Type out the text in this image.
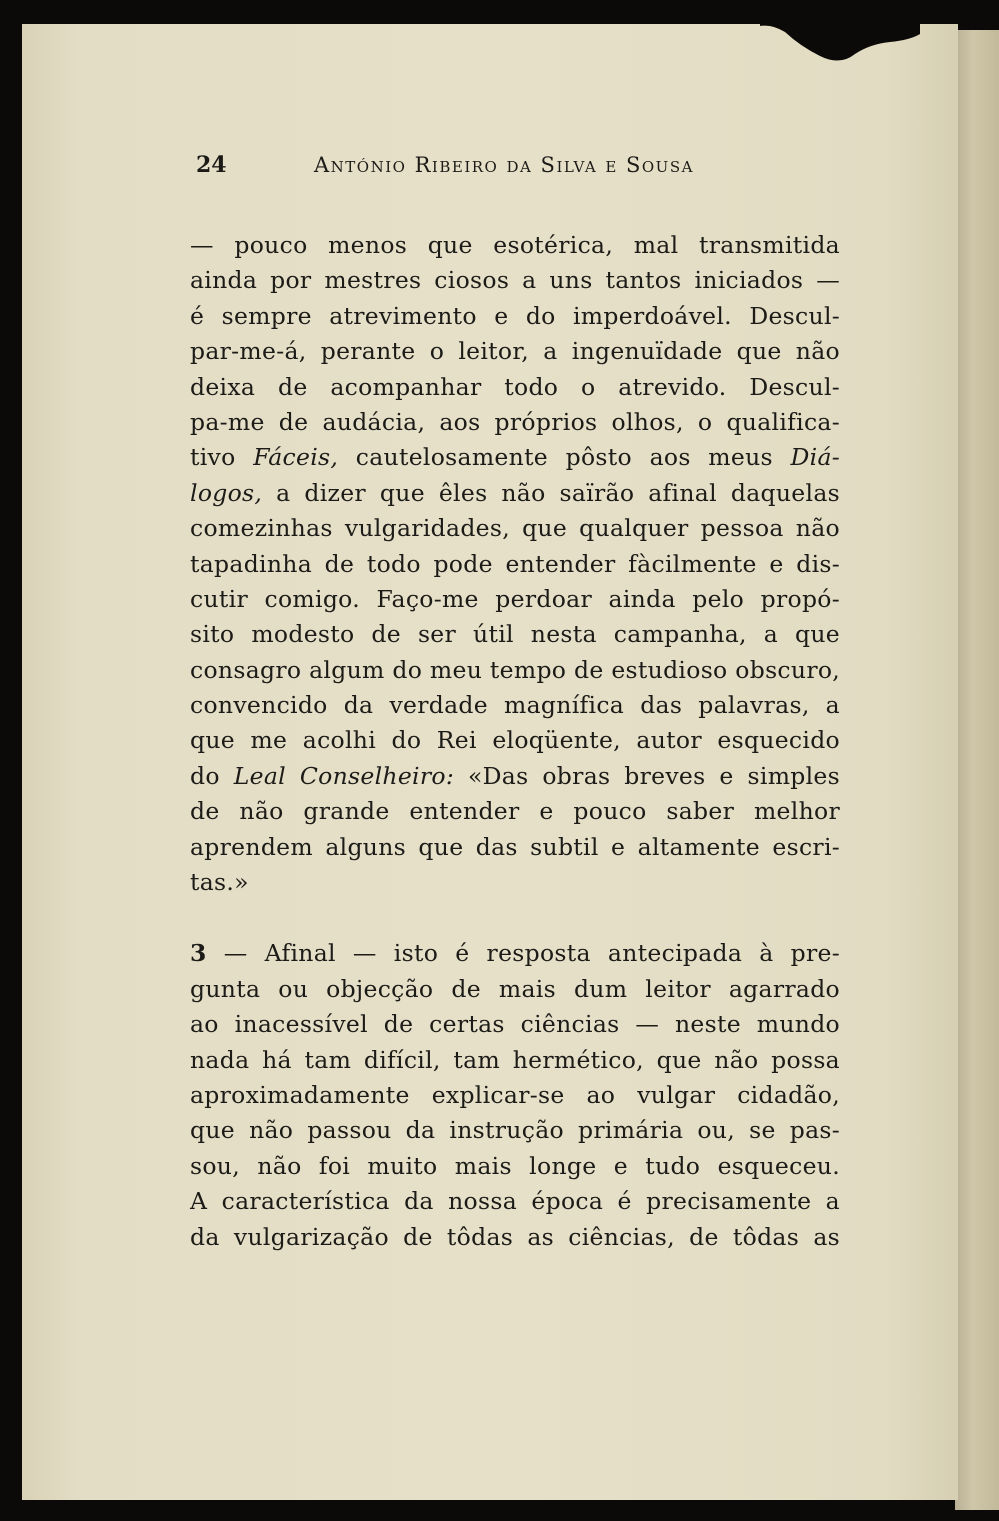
24	António Ribeiro da Silva e Sousa
— pouco menos que esotérica, mal transmitida
ainda por mestres ciosos a uns tantos iniciados —
é sempre atrevimento e do imperdoável. Descul-
par-me-á, perante o leitor, a ingenuïdade que não
deixa de acompanhar todo o atrevido. Descul-
pa-me de audácia, aos próprios olhos, o qualifica-
tivo Fáceis, cautelosamente pôsto aos meus Diá-
logos, a dizer que êles não saïrão afinal daquelas
comezinhas vulgaridades, que qualquer pessoa não
tapadinha de todo pode entender fàcilmente e dis-
cutir comigo. Faço-me perdoar ainda pelo propó-
sito modesto de ser útil nesta campanha, a que
consagro algum do meu tempo de estudioso obscuro,
convencido da verdade magnífica das palavras, a
que me acolhi do Rei eloqüente, autor esquecido
do Leal Conselheiro: «Das obras breves e simples
de não grande entender e pouco saber melhor
aprendem alguns que das subtil e altamente escri-
tas.»
3 — Afinal — isto é resposta antecipada à pre-
gunta ou objecção de mais dum leitor agarrado
ao inacessível de certas ciências — neste mundo
nada há tam difícil, tam hermético, que não possa
aproximadamente explicar-se ao vulgar cidadão,
que não passou da instrução primária ou, se pas-
sou, não foi muito mais longe e tudo esqueceu.
A característica da nossa época é precisamente a
da vulgarização de tôdas as ciências, de tôdas as
